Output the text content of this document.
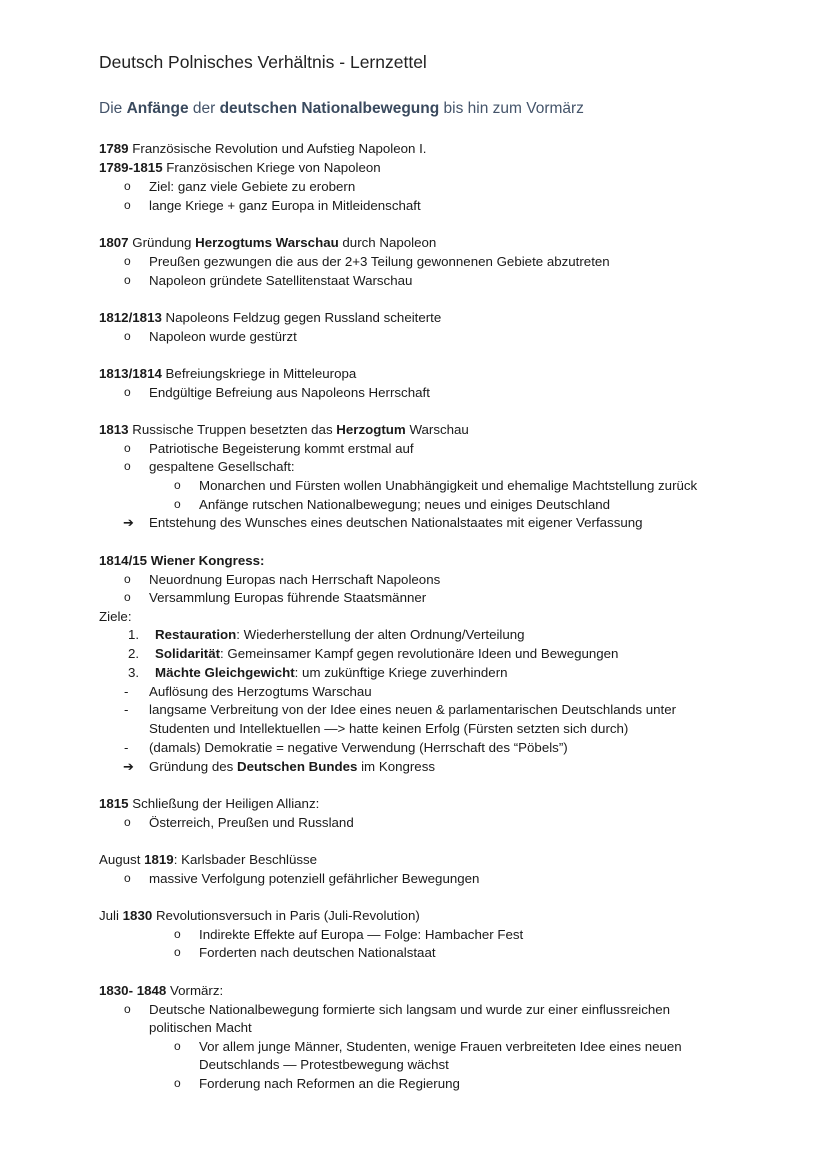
Deutsch Polnisches Verhältnis - Lernzettel
Die Anfänge der deutschen Nationalbewegung bis hin zum Vormärz
1789 Französische Revolution und Aufstieg Napoleon I.
1789-1815 Französischen Kriege von Napoleon
o Ziel: ganz viele Gebiete zu erobern
o lange Kriege + ganz Europa in Mitleidenschaft
1807 Gründung Herzogtums Warschau durch Napoleon
o Preußen gezwungen die aus der 2+3 Teilung gewonnenen Gebiete abzutreten
o Napoleon gründete Satellitenstaat Warschau
1812/1813 Napoleons Feldzug gegen Russland scheiterte
o Napoleon wurde gestürzt
1813/1814 Befreiungskriege in Mitteleuropa
o Endgültige Befreiung aus Napoleons Herrschaft
1813 Russische Truppen besetzten das Herzogtum Warschau
o Patriotische Begeisterung kommt erstmal auf
o gespaltene Gesellschaft:
o Monarchen und Fürsten wollen Unabhängigkeit und ehemalige Machtstellung zurück
o Anfänge rutschen Nationalbewegung; neues und einiges Deutschland
➔ Entstehung des Wunsches eines deutschen Nationalstaates mit eigener Verfassung
1814/15 Wiener Kongress:
o Neuordnung Europas nach Herrschaft Napoleons
o Versammlung Europas führende Staatsmänner
Ziele:
1. Restauration: Wiederherstellung der alten Ordnung/Verteilung
2. Solidarität: Gemeinsamer Kampf gegen revolutionäre Ideen und Bewegungen
3. Mächte Gleichgewicht: um zukünftige Kriege zuverhindern
- Auflösung des Herzogtums Warschau
- langsame Verbreitung von der Idee eines neuen & parlamentarischen Deutschlands unter
Studenten und Intellektuellen —> hatte keinen Erfolg (Fürsten setzten sich durch)
- (damals) Demokratie = negative Verwendung (Herrschaft des “Pöbels”)
➔ Gründung des Deutschen Bundes im Kongress
1815 Schließung der Heiligen Allianz:
o Österreich, Preußen und Russland
August 1819: Karlsbader Beschlüsse
o massive Verfolgung potenziell gefährlicher Bewegungen
Juli 1830 Revolutionsversuch in Paris (Juli-Revolution)
o Indirekte Effekte auf Europa — Folge: Hambacher Fest
o Forderten nach deutschen Nationalstaat
1830- 1848 Vormärz:
o Deutsche Nationalbewegung formierte sich langsam und wurde zur einer einflussreichen
politischen Macht
o Vor allem junge Männer, Studenten, wenige Frauen verbreiteten Idee eines neuen
Deutschlands — Protestbewegung wächst
o Forderung nach Reformen an die Regierung
